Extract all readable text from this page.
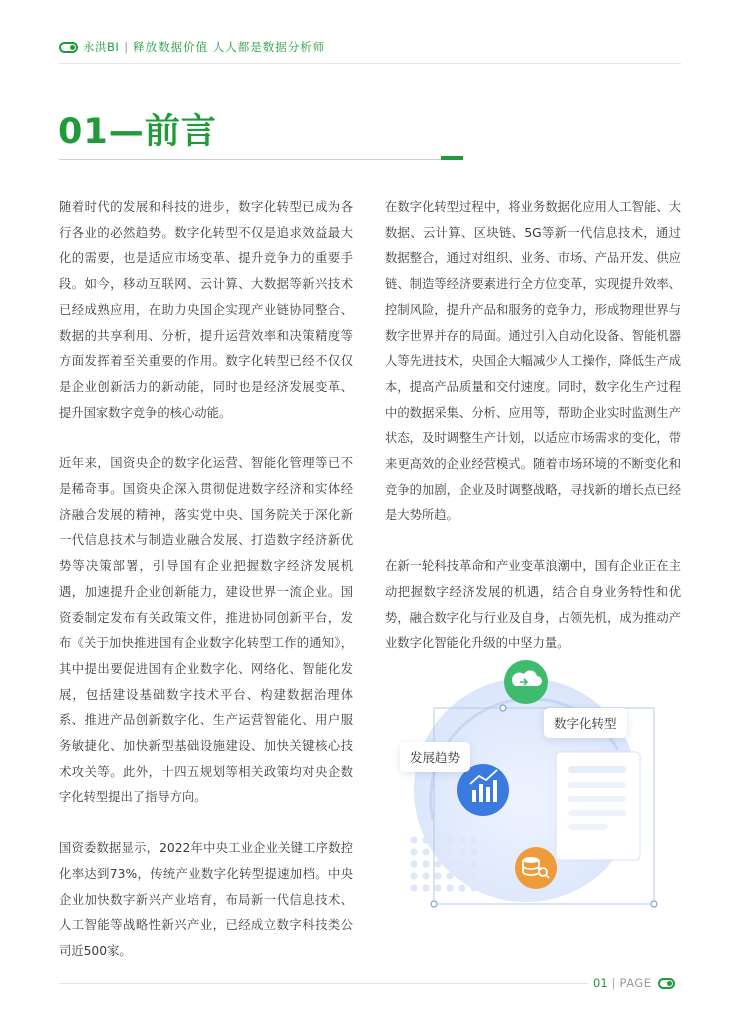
永洪BI | 释放数据价值 人人都是数据分析师
01—前言

随着时代的发展和科技的进步，数字化转型已成为各行各业的必然趋势。数字化转型不仅是追求效益最大化的需要，也是适应市场变革、提升竞争力的重要手段。如今，移动互联网、云计算、大数据等新兴技术已经成熟应用，在助力央国企实现产业链协同整合、数据的共享利用、分析，提升运营效率和决策精度等方面发挥着至关重要的作用。数字化转型已经不仅仅是企业创新活力的新动能，同时也是经济发展变革、提升国家数字竞争的核心动能。

近年来，国资央企的数字化运营、智能化管理等已不是稀奇事。国资央企深入贯彻促进数字经济和实体经济融合发展的精神，落实党中央、国务院关于深化新一代信息技术与制造业融合发展、打造数字经济新优势等决策部署，引导国有企业把握数字经济发展机遇，加速提升企业创新能力，建设世界一流企业。国资委制定发布有关政策文件，推进协同创新平台，发布《关于加快推进国有企业数字化转型工作的通知》，其中提出要促进国有企业数字化、网络化、智能化发展，包括建设基础数字技术平台、构建数据治理体系、推进产品创新数字化、生产运营智能化、用户服务敏捷化、加快新型基础设施建设、加快关键核心技术攻关等。此外，十四五规划等相关政策均对央企数字化转型提出了指导方向。

国资委数据显示，2022年中央工业企业关键工序数控化率达到73%，传统产业数字化转型提速加档。中央企业加快数字新兴产业培育，布局新一代信息技术、人工智能等战略性新兴产业，已经成立数字科技类公司近500家。

在数字化转型过程中，将业务数据化应用人工智能、大数据、云计算、区块链、5G等新一代信息技术，通过数据整合，通过对组织、业务、市场、产品开发、供应链、制造等经济要素进行全方位变革，实现提升效率、控制风险，提升产品和服务的竞争力，形成物理世界与数字世界并存的局面。通过引入自动化设备、智能机器人等先进技术，央国企大幅减少人工操作，降低生产成本，提高产品质量和交付速度。同时，数字化生产过程中的数据采集、分析、应用等，帮助企业实时监测生产状态，及时调整生产计划，以适应市场需求的变化，带来更高效的企业经营模式。随着市场环境的不断变化和竞争的加剧，企业及时调整战略，寻找新的增长点已经是大势所趋。

在新一轮科技革命和产业变革浪潮中，国有企业正在主动把握数字经济发展的机遇，结合自身业务特性和优势，融合数字化与行业及自身，占领先机，成为推动产业数字化智能化升级的中坚力量。

数字化转型
发展趋势
01 | PAGE
